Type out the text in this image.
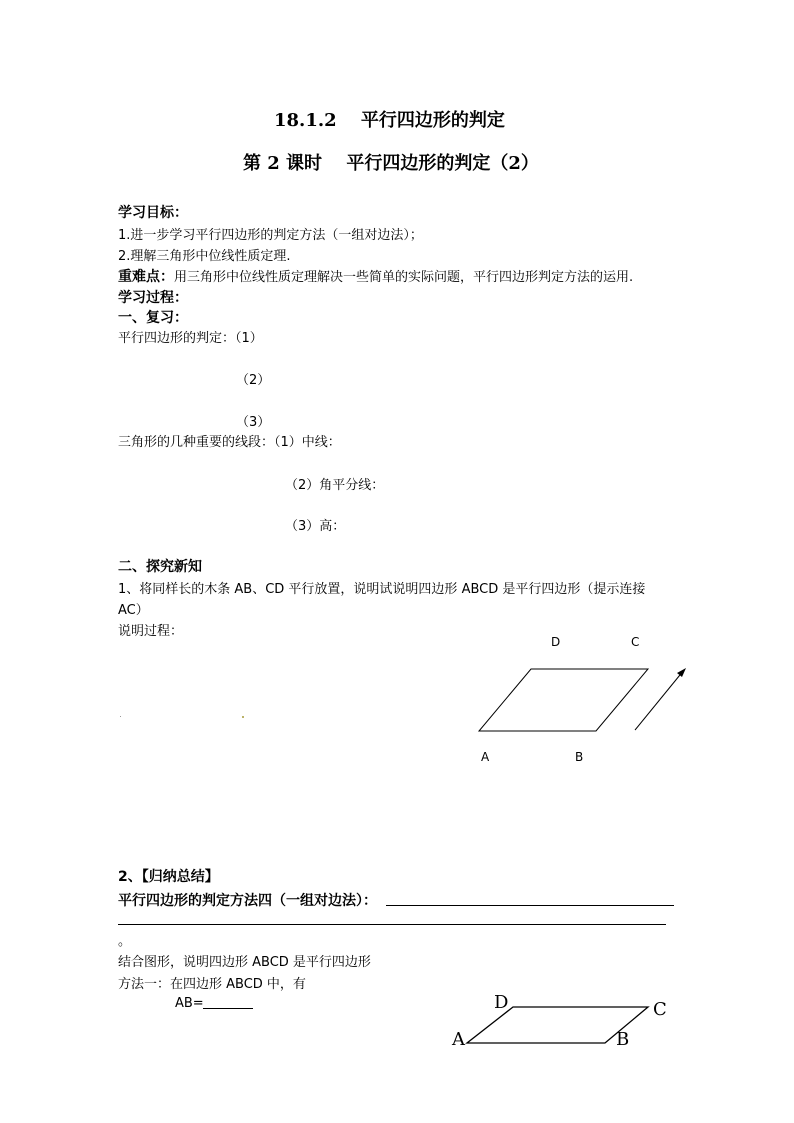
18.1.2　 平行四边形的判定
第 2 课时　 平行四边形的判定（2）
学习目标：
1.进一步学习平行四边形的判定方法（一组对边法）；
2.理解三角形中位线性质定理.
重难点：用三角形中位线性质定理解决一些简单的实际问题，平行四边形判定方法的运用.
学习过程：
一、复习：
平行四边形的判定：（1）
（2）
（3）
三角形的几种重要的线段：（1）中线：
（2）角平分线：
（3）高：
二、探究新知
1、将同样长的木条 AB、CD 平行放置，说明试说明四边形 ABCD 是平行四边形（提示连接
AC）
说明过程：
D	C
A	B
2、【归纳总结】
平行四边形的判定方法四（一组对边法）：
。
结合图形，说明四边形 ABCD 是平行四边形
方法一：在四边形 ABCD 中，有
AB=	D	C
A	B
